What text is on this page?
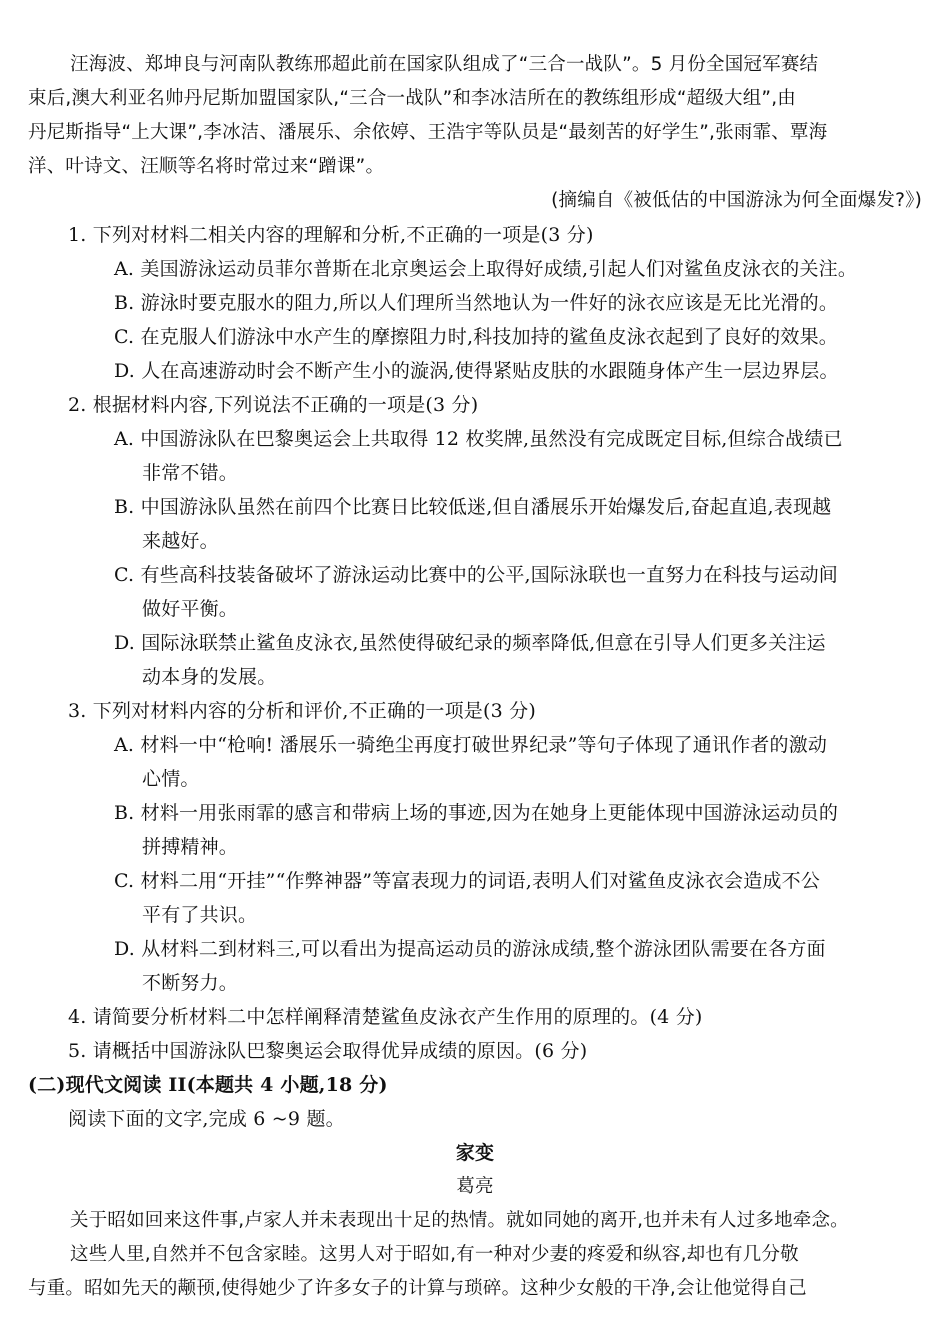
汪海波、郑坤良与河南队教练邢超此前在国家队组成了“三合一战队”。5 月份全国冠军赛结
束后,澳大利亚名帅丹尼斯加盟国家队,“三合一战队”和李冰洁所在的教练组形成“超级大组”,由
丹尼斯指导“上大课”,李冰洁、潘展乐、余依婷、王浩宇等队员是“最刻苦的好学生”,张雨霏、覃海
洋、叶诗文、汪顺等名将时常过来“蹭课”。
(摘编自《被低估的中国游泳为何全面爆发?》)
1. 下列对材料二相关内容的理解和分析,不正确的一项是(3 分)
A. 美国游泳运动员菲尔普斯在北京奥运会上取得好成绩,引起人们对鲨鱼皮泳衣的关注。
B. 游泳时要克服水的阻力,所以人们理所当然地认为一件好的泳衣应该是无比光滑的。
C. 在克服人们游泳中水产生的摩擦阻力时,科技加持的鲨鱼皮泳衣起到了良好的效果。
D. 人在高速游动时会不断产生小的漩涡,使得紧贴皮肤的水跟随身体产生一层边界层。
2. 根据材料内容,下列说法不正确的一项是(3 分)
A. 中国游泳队在巴黎奥运会上共取得 12 枚奖牌,虽然没有完成既定目标,但综合战绩已
非常不错。
B. 中国游泳队虽然在前四个比赛日比较低迷,但自潘展乐开始爆发后,奋起直追,表现越
来越好。
C. 有些高科技装备破坏了游泳运动比赛中的公平,国际泳联也一直努力在科技与运动间
做好平衡。
D. 国际泳联禁止鲨鱼皮泳衣,虽然使得破纪录的频率降低,但意在引导人们更多关注运
动本身的发展。
3. 下列对材料内容的分析和评价,不正确的一项是(3 分)
A. 材料一中“枪响! 潘展乐一骑绝尘再度打破世界纪录”等句子体现了通讯作者的激动
心情。
B. 材料一用张雨霏的感言和带病上场的事迹,因为在她身上更能体现中国游泳运动员的
拼搏精神。
C. 材料二用“开挂”“作弊神器”等富表现力的词语,表明人们对鲨鱼皮泳衣会造成不公
平有了共识。
D. 从材料二到材料三,可以看出为提高运动员的游泳成绩,整个游泳团队需要在各方面
不断努力。
4. 请简要分析材料二中怎样阐释清楚鲨鱼皮泳衣产生作用的原理的。(4 分)
5. 请概括中国游泳队巴黎奥运会取得优异成绩的原因。(6 分)
(二)现代文阅读 II(本题共 4 小题,18 分)
阅读下面的文字,完成 6 ~9 题。
家变
葛亮
关于昭如回来这件事,卢家人并未表现出十足的热情。就如同她的离开,也并未有人过多地牵念。
这些人里,自然并不包含家睦。这男人对于昭如,有一种对少妻的疼爱和纵容,却也有几分敬
与重。昭如先天的颟顸,使得她少了许多女子的计算与琐碎。这种少女般的干净,会让他觉得自己
